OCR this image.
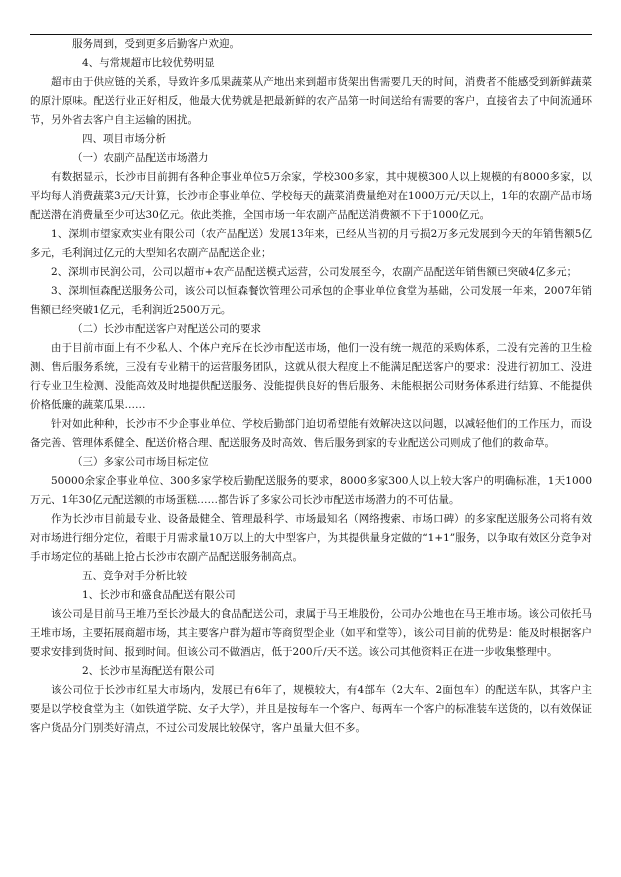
服务周到，受到更多后勤客户欢迎。

4、与常规超市比较优势明显

超市由于供应链的关系，导致许多瓜果蔬菜从产地出来到超市货架出售需要几天的时间，消费者不能感受到新鲜蔬菜的原汁原味。配送行业正好相反，他最大优势就是把最新鲜的农产品第一时间送给有需要的客户，直接省去了中间流通环节，另外省去客户自主运输的困扰。

四、项目市场分析

（一）农副产品配送市场潜力

有数据显示，长沙市目前拥有各种企事业单位5万余家，学校300多家，其中规模300人以上规模的有8000多家，以平均每人消费蔬菜3元/天计算，长沙市企事业单位、学校每天的蔬菜消费量绝对在1000万元/天以上，1年的农副产品市场配送潜在消费量至少可达30亿元。依此类推，全国市场一年农副产品配送消费额不下于1000亿元。

1、深圳市望家欢实业有限公司（农产品配送）发展13年来，已经从当初的月亏损2万多元发展到今天的年销售额5亿多元，毛利润过亿元的大型知名农副产品配送企业；

2、深圳市民润公司，公司以超市+农产品配送模式运营，公司发展至今，农副产品配送年销售额已突破4亿多元；

3、深圳恒森配送服务公司，该公司以恒森餐饮管理公司承包的企事业单位食堂为基础，公司发展一年来，2007年销售额已经突破1亿元，毛利润近2500万元。

（二）长沙市配送客户对配送公司的要求

由于目前市面上有不少私人、个体户充斥在长沙市配送市场，他们一没有统一规范的采购体系，二没有完善的卫生检测、售后服务系统，三没有专业精干的运营服务团队，这就从很大程度上不能满足配送客户的要求：没进行初加工、没进行专业卫生检测、没能高效及时地提供配送服务、没能提供良好的售后服务、未能根据公司财务体系进行结算、不能提供价格低廉的蔬菜瓜果……

针对如此种种，长沙市不少企事业单位、学校后勤部门迫切希望能有效解决这以问题，以减轻他们的工作压力，而设备完善、管理体系健全、配送价格合理、配送服务及时高效、售后服务到家的专业配送公司则成了他们的救命草。

（三）多家公司市场目标定位

50000余家企事业单位、300多家学校后勤配送服务的要求，8000多家300人以上较大客户的明确标准，1天1000万元、1年30亿元配送额的市场蛋糕……都告诉了多家公司长沙市配送市场潜力的不可估量。

作为长沙市目前最专业、设备最健全、管理最科学、市场最知名（网络搜索、市场口碑）的多家配送服务公司将有效对市场进行细分定位，着眼于月需求量10万以上的大中型客户，为其提供量身定做的“1+1”服务，以争取有效区分竞争对手市场定位的基础上抢占长沙市农副产品配送服务制高点。

五、竞争对手分析比较

1、长沙市和盛食品配送有限公司

该公司是目前马王堆乃至长沙最大的食品配送公司，隶属于马王堆股份，公司办公地也在马王堆市场。该公司依托马王堆市场，主要拓展商超市场，其主要客户群为超市等商贸型企业（如平和堂等），该公司目前的优势是：能及时根据客户要求安排到货时间、报到时间。但该公司不做酒店，低于200斤/天不送。该公司其他资料正在进一步收集整理中。

2、长沙市星海配送有限公司

该公司位于长沙市红星大市场内，发展已有6年了，规模较大，有4部车（2大车、2面包车）的配送车队，其客户主要是以学校食堂为主（如铁道学院、女子大学），并且是按每车一个客户、每两车一个客户的标准装车送货的，以有效保证客户货品分门别类好清点，不过公司发展比较保守，客户虽量大但不多。
